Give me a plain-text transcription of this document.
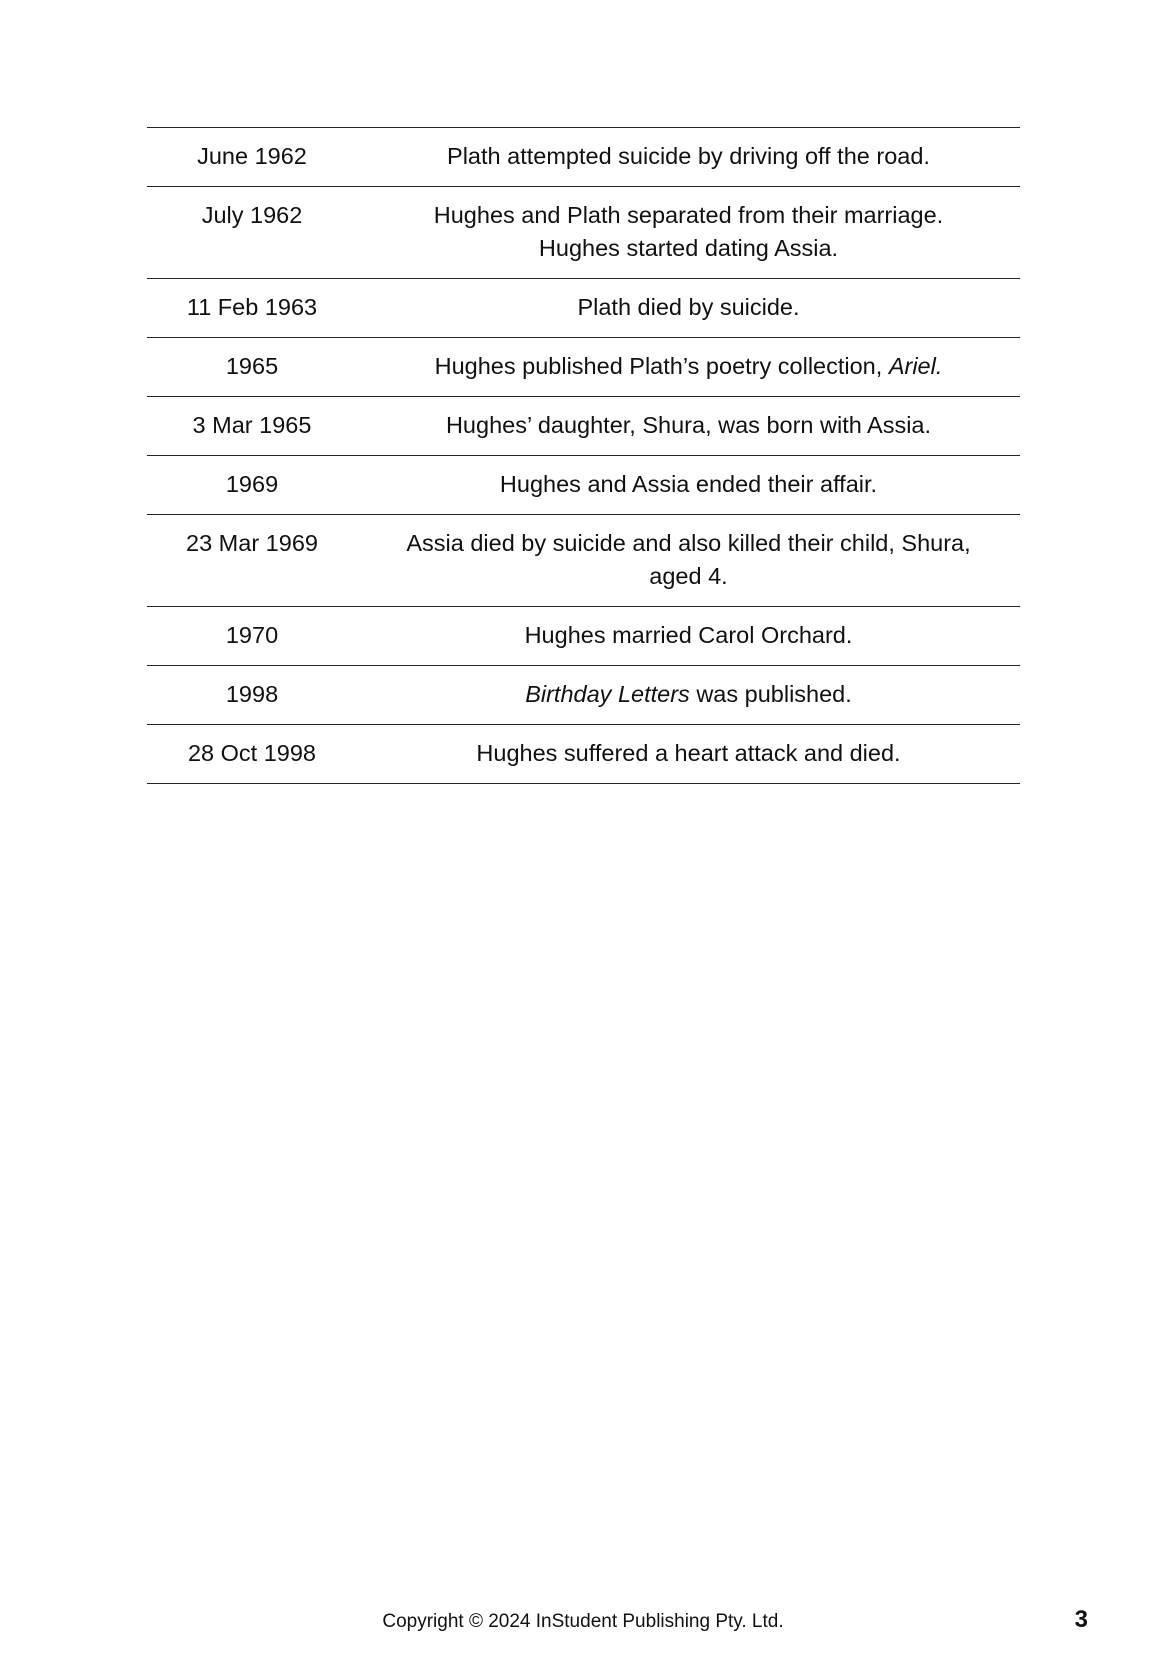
June 1962	Plath attempted suicide by driving off the road.
July 1962	Hughes and Plath separated from their marriage.
Hughes started dating Assia.
11 Feb 1963	Plath died by suicide.
1965	Hughes published Plath’s poetry collection, Ariel.
3 Mar 1965	Hughes’ daughter, Shura, was born with Assia.
1969	Hughes and Assia ended their affair.
23 Mar 1969	Assia died by suicide and also killed their child, Shura,
aged 4.
1970	Hughes married Carol Orchard.
1998	Birthday Letters was published.
28 Oct 1998	Hughes suffered a heart attack and died.
Copyright © 2024 InStudent Publishing Pty. Ltd.	3
